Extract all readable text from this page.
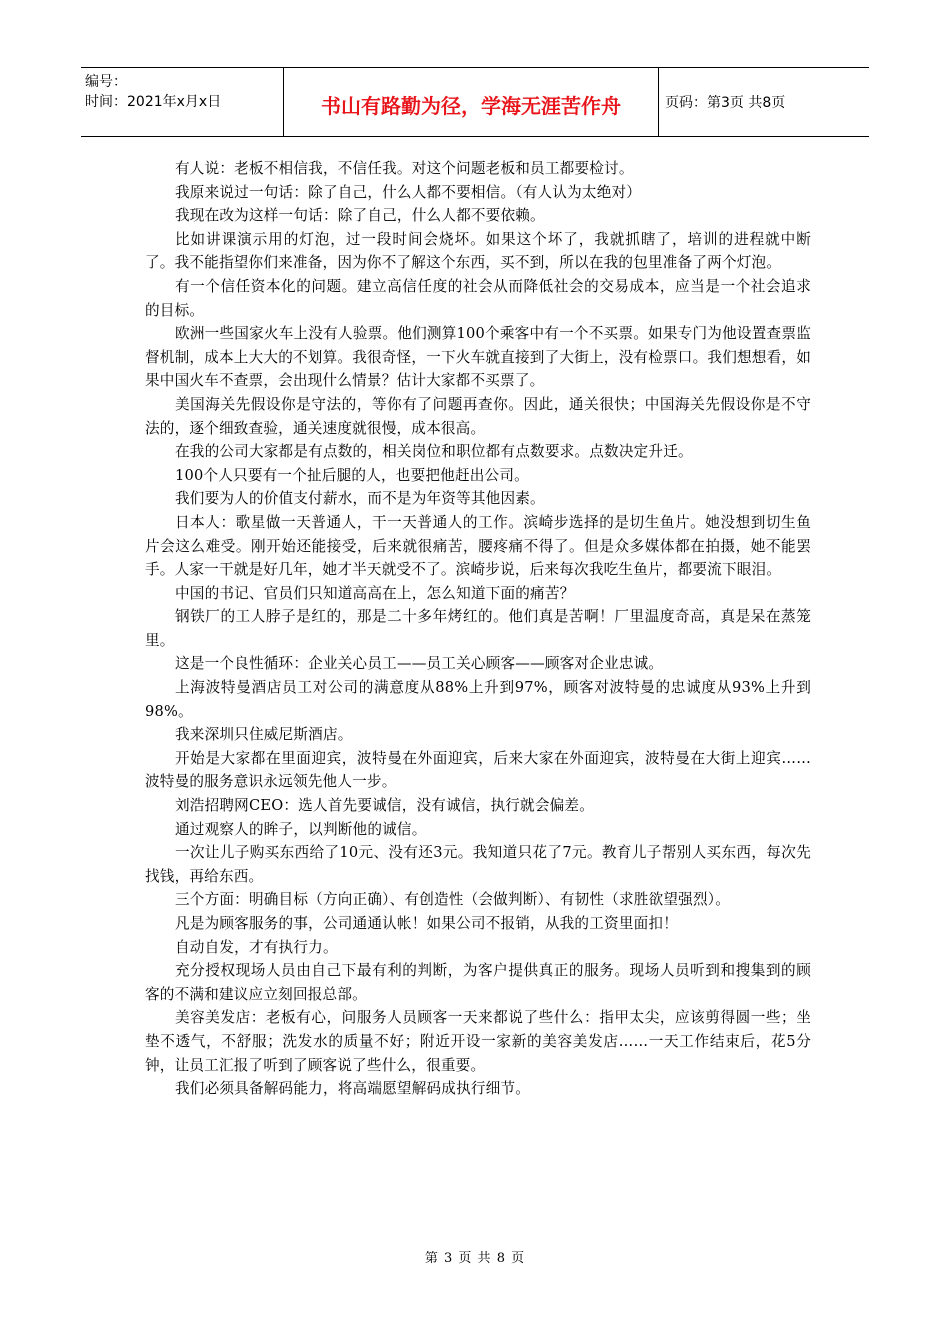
编号：
时间：2021年x月x日	书山有路勤为径，学海无涯苦作舟	页码：第3页 共8页

有人说：老板不相信我，不信任我。对这个问题老板和员工都要检讨。

我原来说过一句话：除了自己，什么人都不要相信。（有人认为太绝对）

我现在改为这样一句话：除了自己，什么人都不要依赖。

比如讲课演示用的灯泡，过一段时间会烧坏。如果这个坏了，我就抓瞎了，培训的进程就中断了。我不能指望你们来准备，因为你不了解这个东西，买不到，所以在我的包里准备了两个灯泡。

有一个信任资本化的问题。建立高信任度的社会从而降低社会的交易成本，应当是一个社会追求的目标。

欧洲一些国家火车上没有人验票。他们测算100个乘客中有一个不买票。如果专门为他设置查票监督机制，成本上大大的不划算。我很奇怪，一下火车就直接到了大街上，没有检票口。我们想想看，如果中国火车不查票，会出现什么情景？估计大家都不买票了。

美国海关先假设你是守法的，等你有了问题再查你。因此，通关很快；中国海关先假设你是不守法的，逐个细致查验，通关速度就很慢，成本很高。

在我的公司大家都是有点数的，相关岗位和职位都有点数要求。点数决定升迁。

100个人只要有一个扯后腿的人，也要把他赶出公司。

我们要为人的价值支付薪水，而不是为年资等其他因素。

日本人：歌星做一天普通人，干一天普通人的工作。滨崎步选择的是切生鱼片。她没想到切生鱼片会这么难受。刚开始还能接受，后来就很痛苦，腰疼痛不得了。但是众多媒体都在拍摄，她不能罢手。人家一干就是好几年，她才半天就受不了。滨崎步说，后来每次我吃生鱼片，都要流下眼泪。

中国的书记、官员们只知道高高在上，怎么知道下面的痛苦？

钢铁厂的工人脖子是红的，那是二十多年烤红的。他们真是苦啊！厂里温度奇高，真是呆在蒸笼里。

这是一个良性循环：企业关心员工——员工关心顾客——顾客对企业忠诚。

上海波特曼酒店员工对公司的满意度从88%上升到97%，顾客对波特曼的忠诚度从93%上升到98%。

我来深圳只住威尼斯酒店。

开始是大家都在里面迎宾，波特曼在外面迎宾，后来大家在外面迎宾，波特曼在大街上迎宾……波特曼的服务意识永远领先他人一步。

刘浩招聘网CEO：选人首先要诚信，没有诚信，执行就会偏差。

通过观察人的眸子，以判断他的诚信。

一次让儿子购买东西给了10元、没有还3元。我知道只花了7元。教育儿子帮别人买东西，每次先找钱，再给东西。

三个方面：明确目标（方向正确）、有创造性（会做判断）、有韧性（求胜欲望强烈）。

凡是为顾客服务的事，公司通通认帐！如果公司不报销，从我的工资里面扣！

自动自发，才有执行力。

充分授权现场人员由自己下最有利的判断，为客户提供真正的服务。现场人员听到和搜集到的顾客的不满和建议应立刻回报总部。

美容美发店：老板有心，问服务人员顾客一天来都说了些什么：指甲太尖，应该剪得圆一些；坐垫不透气，不舒服；洗发水的质量不好；附近开设一家新的美容美发店……一天工作结束后，花5分钟，让员工汇报了听到了顾客说了些什么，很重要。

我们必须具备解码能力，将高端愿望解码成执行细节。

第 3 页 共 8 页
